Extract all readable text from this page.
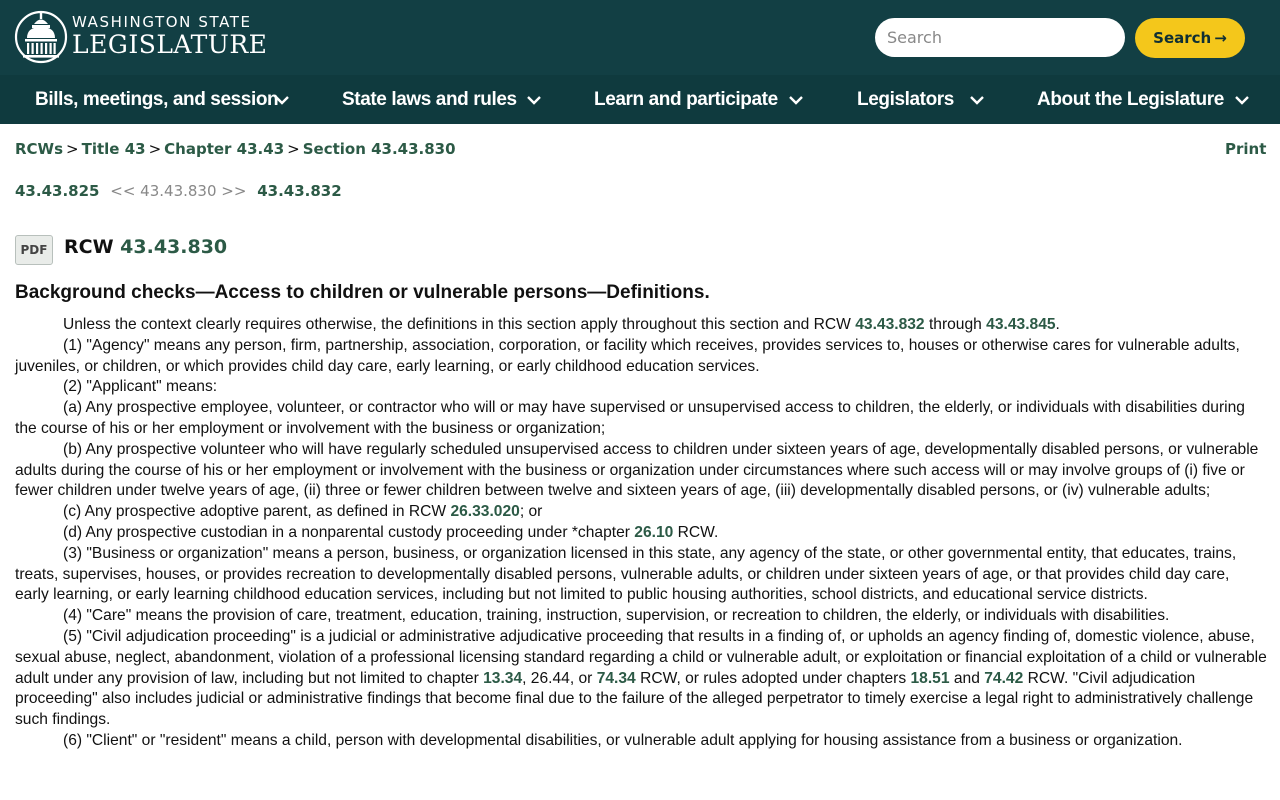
WASHINGTON STATE
LEGISLATURE
Search	Search →
Bills, meetings, and session	State laws and rules	Learn and participate	Legislators	About the Legislature
RCWs > Title 43 > Chapter 43.43 > Section 43.43.830	Print
43.43.825 << 43.43.830 >> 43.43.832
PDF RCW 43.43.830
Background checks—Access to children or vulnerable persons—Definitions.

Unless the context clearly requires otherwise, the definitions in this section apply throughout this section and RCW 43.43.832 through 43.43.845.

(1) "Agency" means any person, firm, partnership, association, corporation, or facility which receives, provides services to, houses or otherwise cares for vulnerable adults, juveniles, or children, or which provides child day care, early learning, or early childhood education services.

(2) "Applicant" means:

(a) Any prospective employee, volunteer, or contractor who will or may have supervised or unsupervised access to children, the elderly, or individuals with disabilities during the course of his or her employment or involvement with the business or organization;

(b) Any prospective volunteer who will have regularly scheduled unsupervised access to children under sixteen years of age, developmentally disabled persons, or vulnerable adults during the course of his or her employment or involvement with the business or organization under circumstances where such access will or may involve groups of (i) five or fewer children under twelve years of age, (ii) three or fewer children between twelve and sixteen years of age, (iii) developmentally disabled persons, or (iv) vulnerable adults;

(c) Any prospective adoptive parent, as defined in RCW 26.33.020; or

(d) Any prospective custodian in a nonparental custody proceeding under *chapter 26.10 RCW.

(3) "Business or organization" means a person, business, or organization licensed in this state, any agency of the state, or other governmental entity, that educates, trains, treats, supervises, houses, or provides recreation to developmentally disabled persons, vulnerable adults, or children under sixteen years of age, or that provides child day care, early learning, or early learning childhood education services, including but not limited to public housing authorities, school districts, and educational service districts.

(4) "Care" means the provision of care, treatment, education, training, instruction, supervision, or recreation to children, the elderly, or individuals with disabilities.

(5) "Civil adjudication proceeding" is a judicial or administrative adjudicative proceeding that results in a finding of, or upholds an agency finding of, domestic violence, abuse, sexual abuse, neglect, abandonment, violation of a professional licensing standard regarding a child or vulnerable adult, or exploitation or financial exploitation of a child or vulnerable adult under any provision of law, including but not limited to chapter 13.34, 26.44, or 74.34 RCW, or rules adopted under chapters 18.51 and 74.42 RCW. "Civil adjudication proceeding" also includes judicial or administrative findings that become final due to the failure of the alleged perpetrator to timely exercise a legal right to administratively challenge such findings.

(6) "Client" or "resident" means a child, person with developmental disabilities, or vulnerable adult applying for housing assistance from a business or organization.
